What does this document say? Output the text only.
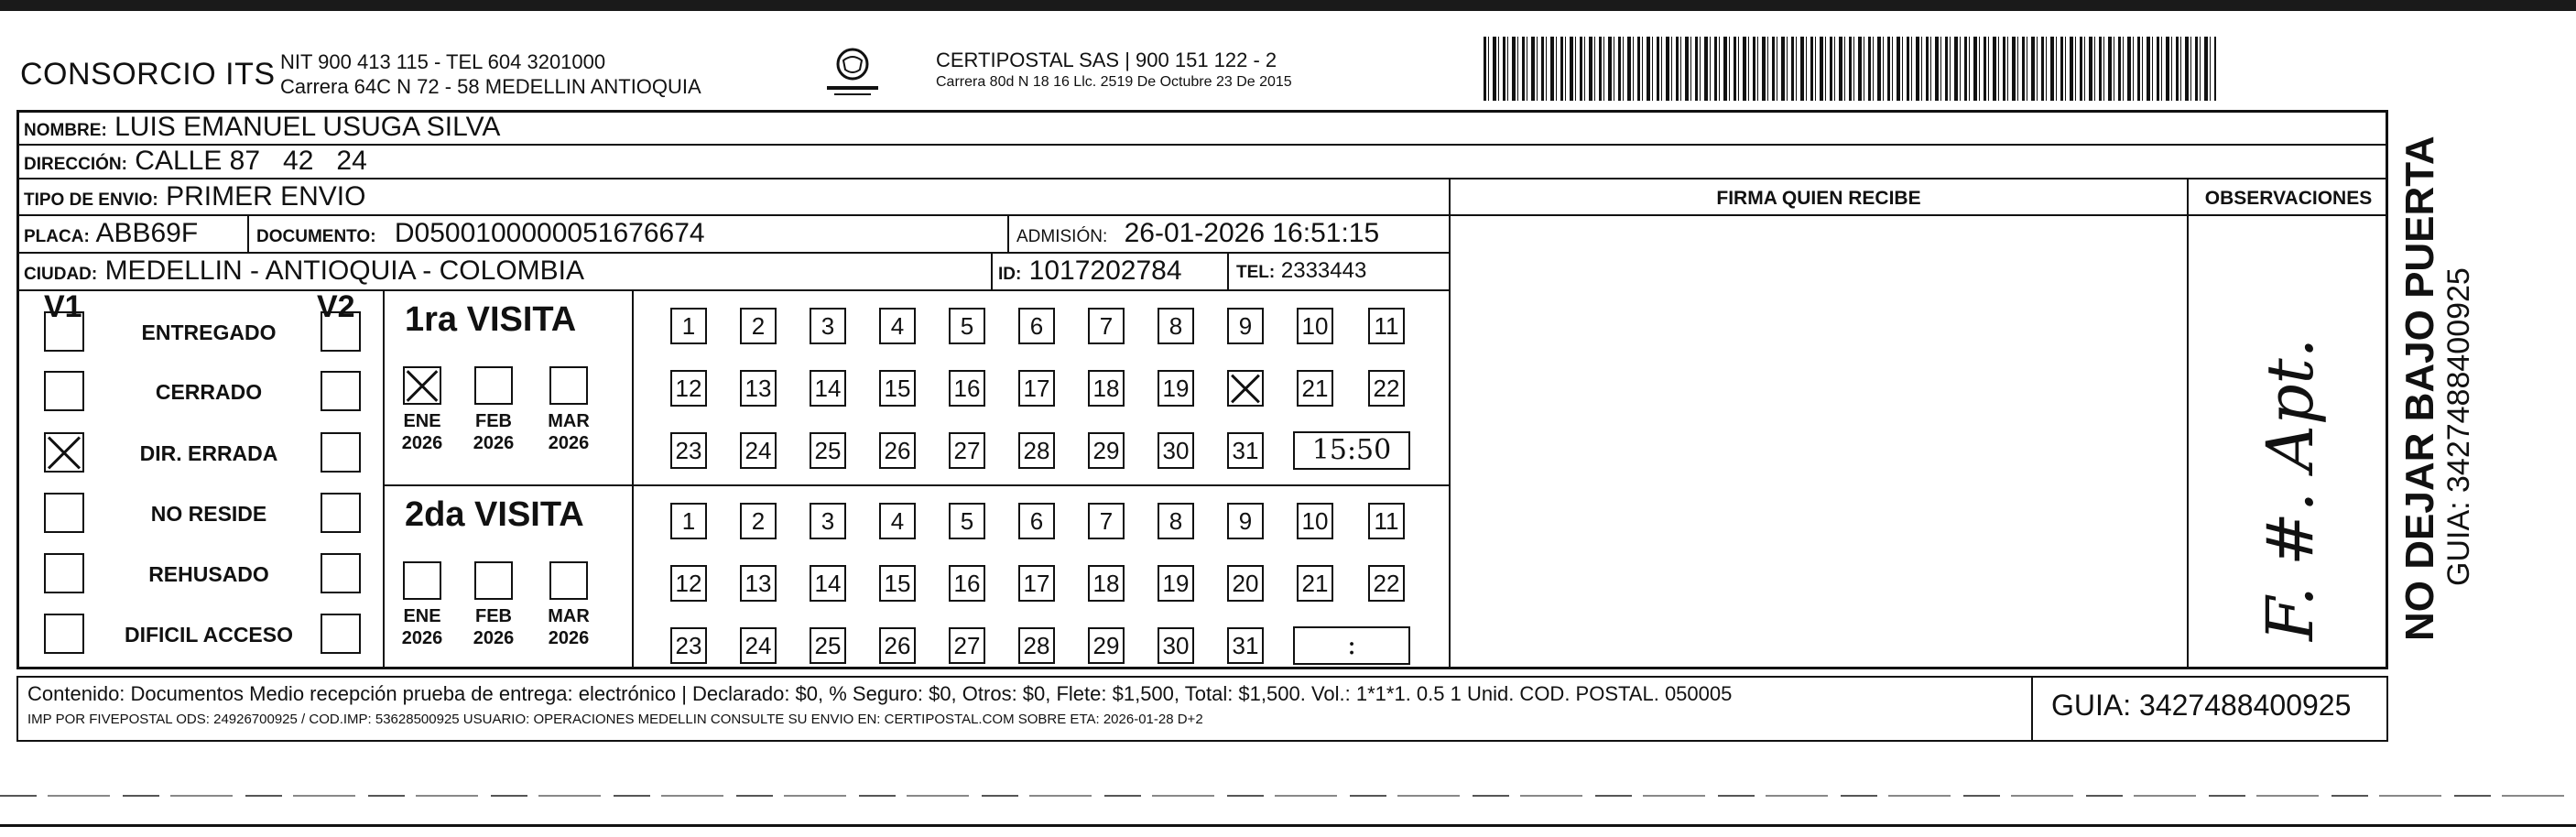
CONSORCIO ITS NIT 900 413 115 - TEL 604 3201000
Carrera 64C N 72 - 58 MEDELLIN ANTIOQUIA
CERTIPOSTAL SAS | 900 151 122 - 2
Carrera 80d N 18 16 Llc. 2519 De Octubre 23 De 2015
NOMBRE: LUIS EMANUEL USUGA SILVA
DIRECCIÓN: CALLE 87   42   24
TIPO DE ENVIO: PRIMER ENVIO
PLACA: ABB69F	DOCUMENTO: D0500100000051676674	ADMISIÓN: 26-01-2026 16:51:15
CIUDAD: MEDELLIN - ANTIOQUIA - COLOMBIA	ID: 1017202784	TEL: 2333443
FIRMA QUIEN RECIBE	OBSERVACIONES
F. #. Apt.
V1	V2
ENTREGADO
CERRADO
DIR. ERRADA
NO RESIDE
REHUSADO
DIFICIL ACCESO
1ra VISITA
ENE
2026
FEB
2026
MAR
2026
1	2	3	4	5	6	7	8	9	10 11
12 13 14 15 16 17 18 19	21 22
23 24 25 26 27 28 29 30 31	15:50
2da VISITA
ENE
2026
FEB
2026
MAR
2026
1	2	3	4	5	6	7	8	9	10 11
12 13 14 15 16 17 18 19 20 21 22
23 24 25 26 27 28 29 30 31	:
Contenido: Documentos Medio recepción prueba de entrega: electrónico | Declarado: $0, % Seguro: $0, Otros: $0, Flete: $1,500, Total: $1,500. Vol.: 1*1*1. 0.5 1 Unid. COD. POSTAL. 050005
IMP POR FIVEPOSTAL ODS: 24926700925 / COD.IMP: 53628500925 USUARIO: OPERACIONES MEDELLIN CONSULTE SU ENVIO EN: CERTIPOSTAL.COM SOBRE ETA: 2026-01-28 D+2	GUIA: 3427488400925
NO DEJAR BAJO PUERTA GUIA: 3427488400925
